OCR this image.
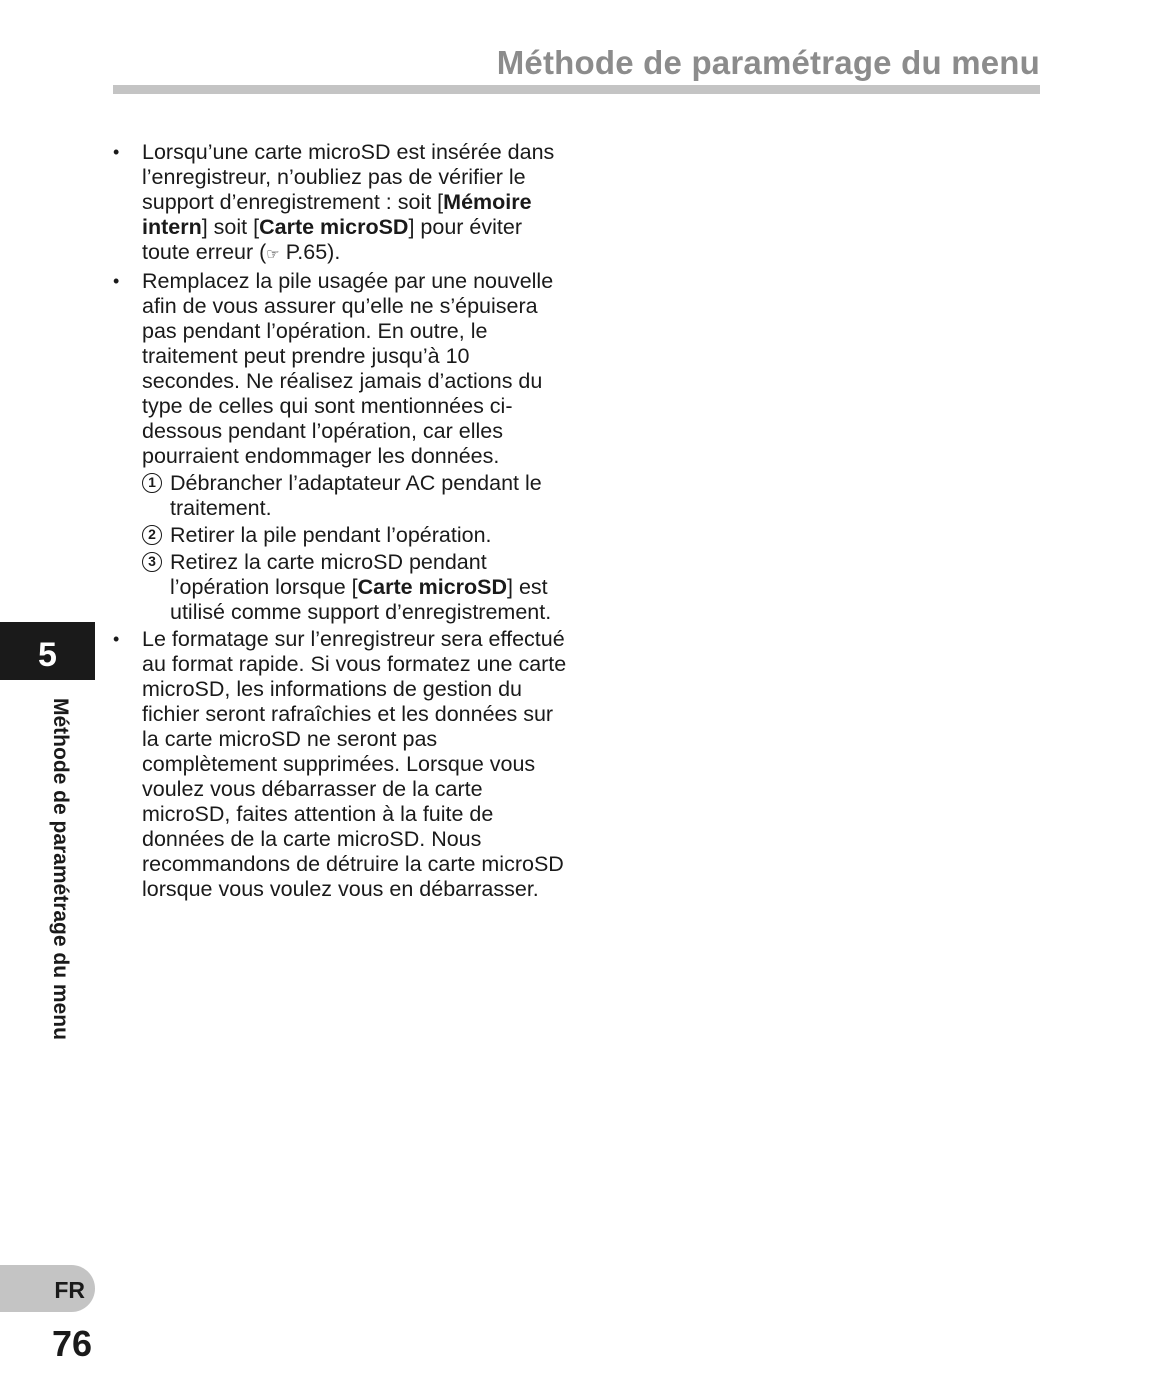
Méthode de paramétrage du menu
• Lorsqu’une carte microSD est insérée dans l’enregistreur, n’oubliez pas de vérifier le support d’enregistrement : soit [Mémoire intern] soit [Carte microSD] pour éviter toute erreur (☞ P.65).
• Remplacez la pile usagée par une nouvelle afin de vous assurer qu’elle ne s’épuisera pas pendant l’opération. En outre, le traitement peut prendre jusqu’à 10 secondes. Ne réalisez jamais d’actions du type de celles qui sont mentionnées ci-dessous pendant l’opération, car elles pourraient endommager les données.
1 Débrancher l’adaptateur AC pendant le traitement.
2 Retirer la pile pendant l’opération.
3 Retirez la carte microSD pendant l’opération lorsque [Carte microSD] est utilisé comme support d’enregistrement.
• Le formatage sur l’enregistreur sera effectué au format rapide. Si vous formatez une carte microSD, les informations de gestion du fichier seront rafraîchies et les données sur la carte microSD ne seront pas complètement supprimées. Lorsque vous voulez vous débarrasser de la carte microSD, faites attention à la fuite de données de la carte microSD. Nous recommandons de détruire la carte microSD lorsque vous voulez vous en débarrasser.
5
Méthode de paramétrage du menu
FR
76
